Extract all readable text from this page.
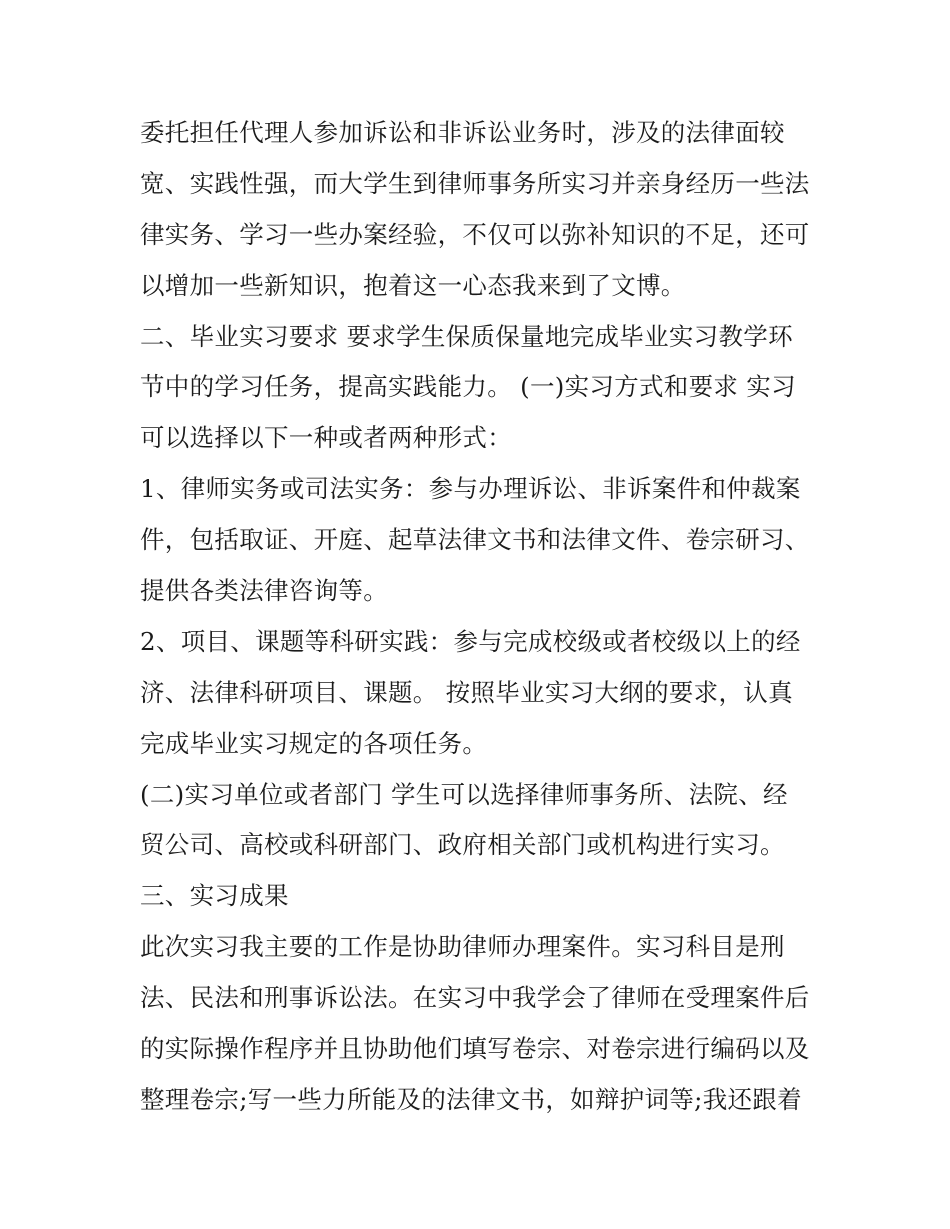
委托担任代理人参加诉讼和非诉讼业务时，涉及的法律面较
宽、实践性强，而大学生到律师事务所实习并亲身经历一些法
律实务、学习一些办案经验，不仅可以弥补知识的不足，还可
以增加一些新知识，抱着这一心态我来到了文博。
二、毕业实习要求 要求学生保质保量地完成毕业实习教学环
节中的学习任务，提高实践能力。 (一)实习方式和要求 实习
可以选择以下一种或者两种形式：
1、律师实务或司法实务：参与办理诉讼、非诉案件和仲裁案
件，包括取证、开庭、起草法律文书和法律文件、卷宗研习、
提供各类法律咨询等。
2、项目、课题等科研实践：参与完成校级或者校级以上的经
济、法律科研项目、课题。 按照毕业实习大纲的要求，认真
完成毕业实习规定的各项任务。
(二)实习单位或者部门 学生可以选择律师事务所、法院、经
贸公司、高校或科研部门、政府相关部门或机构进行实习。
三、实习成果
此次实习我主要的工作是协助律师办理案件。实习科目是刑
法、民法和刑事诉讼法。在实习中我学会了律师在受理案件后
的实际操作程序并且协助他们填写卷宗、对卷宗进行编码以及
整理卷宗;写一些力所能及的法律文书，如辩护词等;我还跟着
